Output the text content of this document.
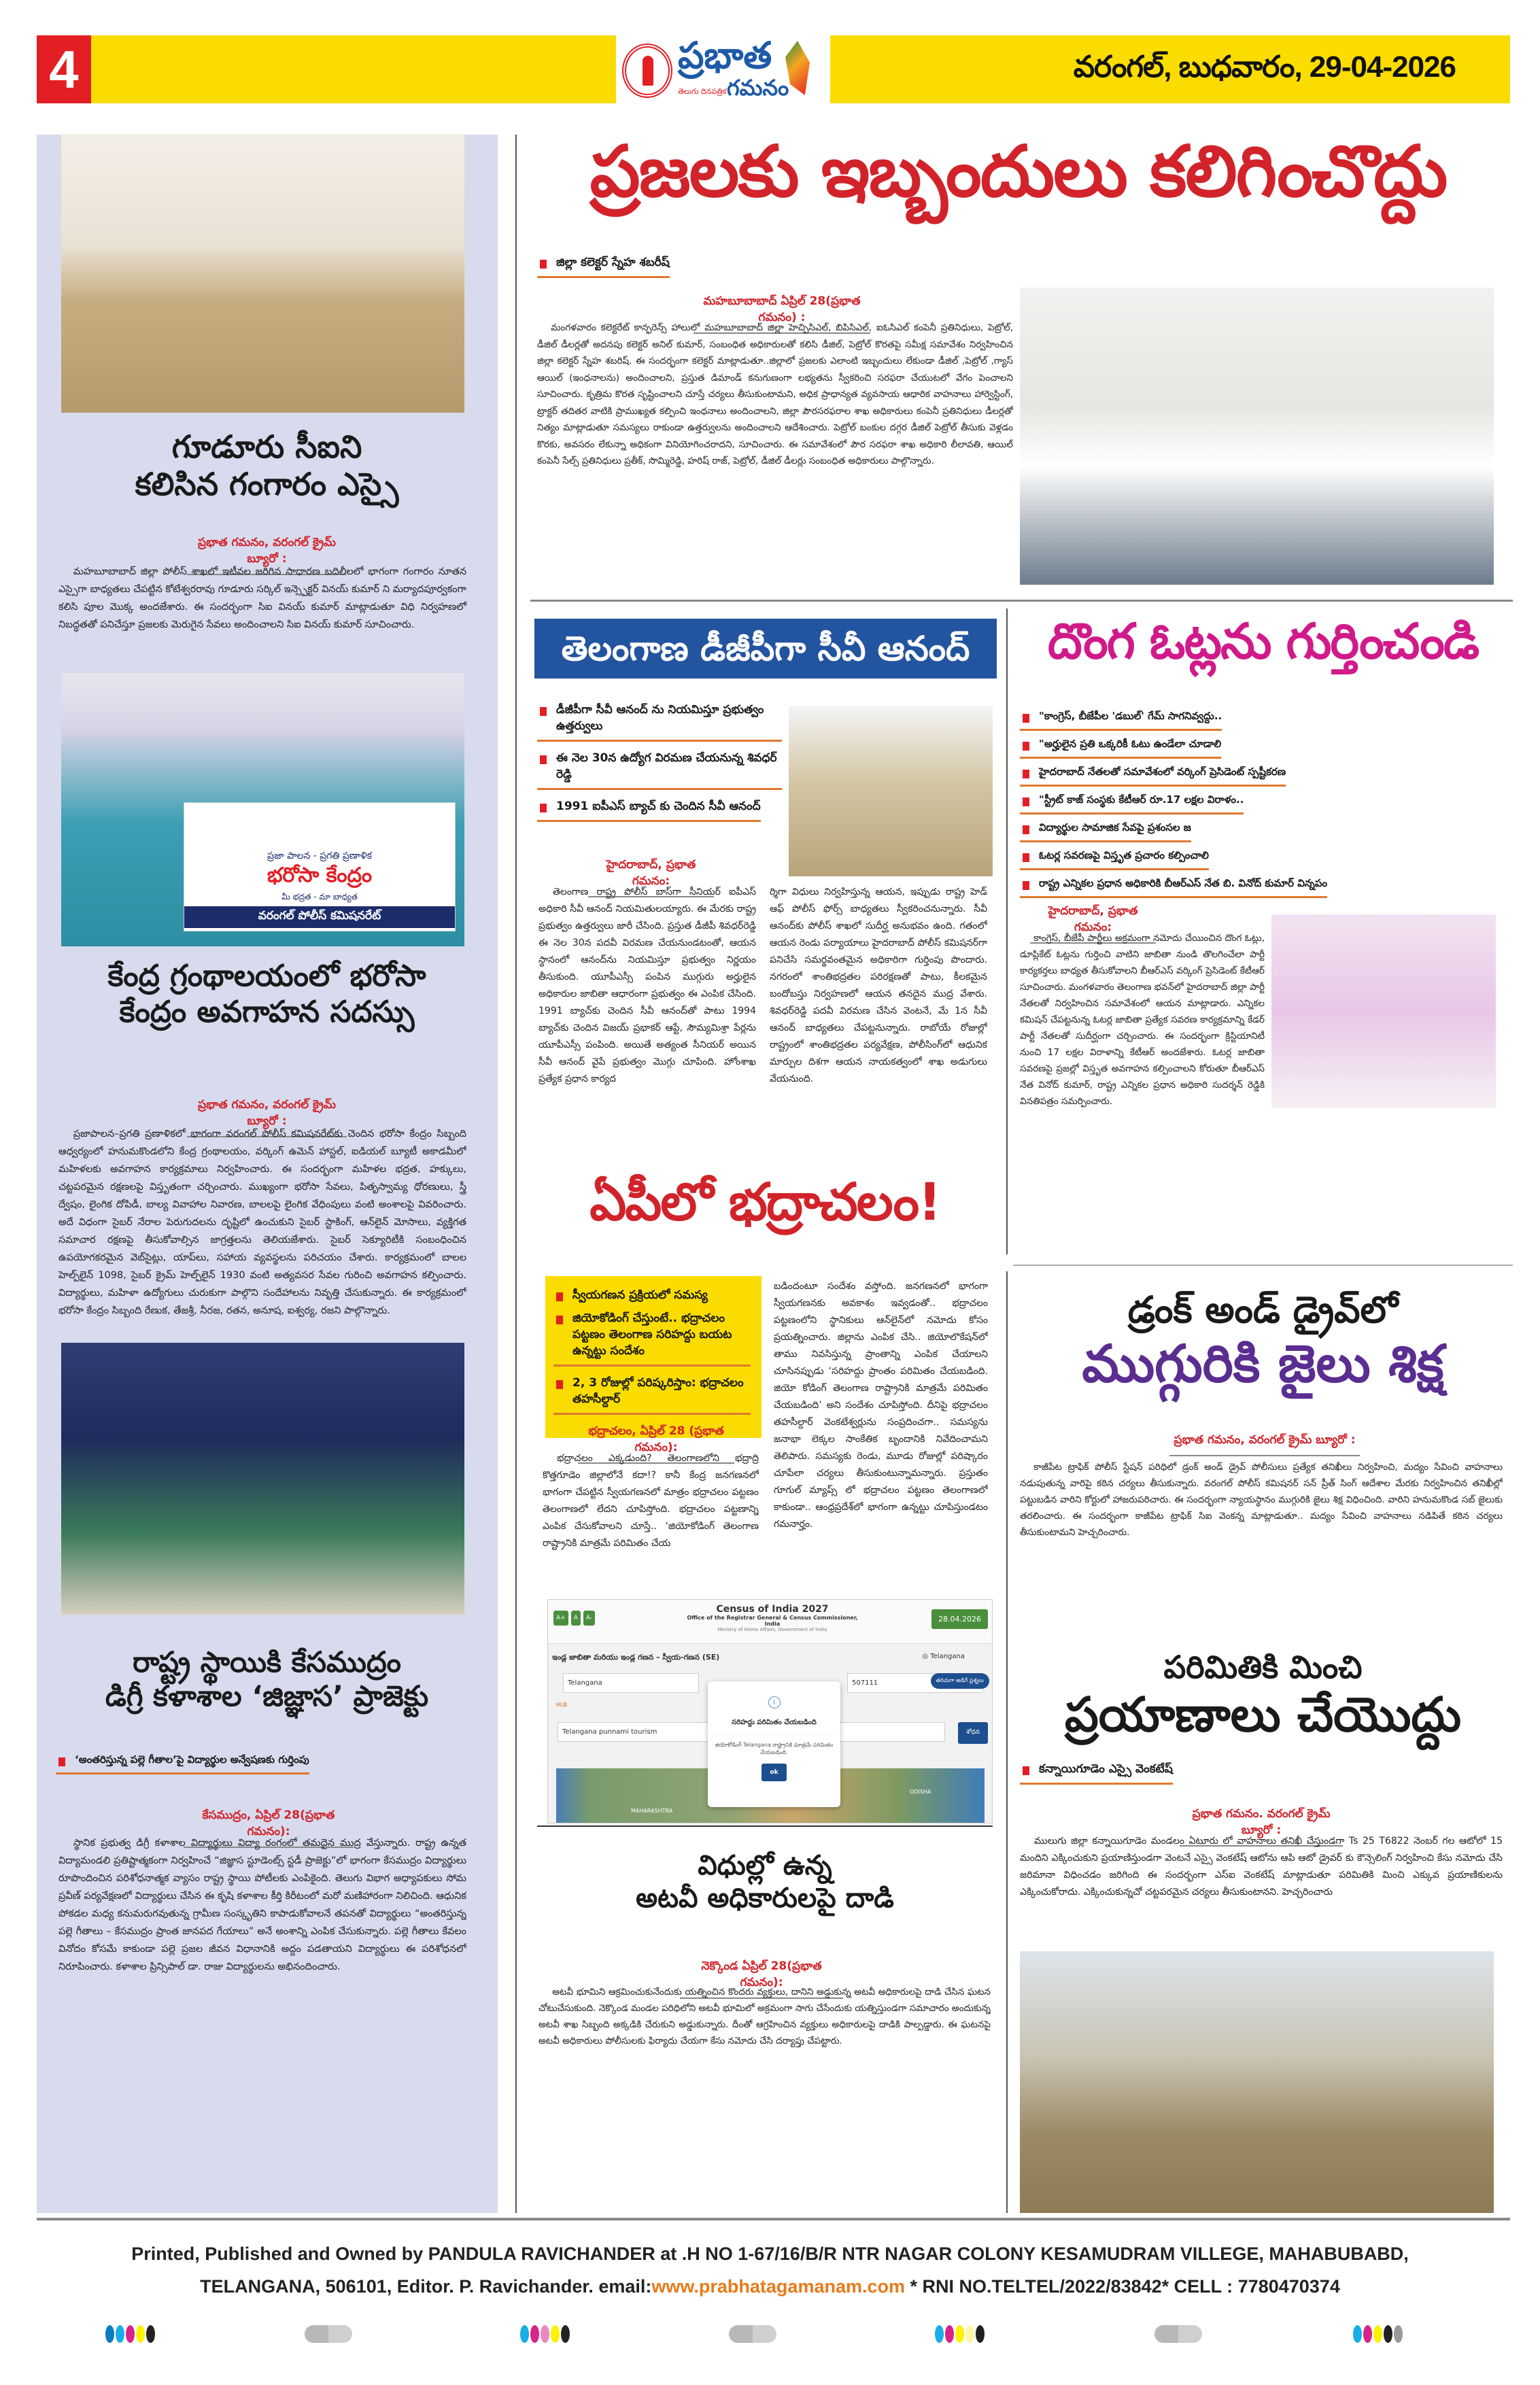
4	ప్రభాత
గమనం
తెలుగు దినపత్రిక
వరంగల్, బుధవారం, 29-04-2026
గూడూరు సీఐని
కలిసిన గంగారం ఎస్సై
ప్రభాత గమనం, వరంగల్ క్రైమ్ బ్యూరో :
మహబూబాబాద్ జిల్లా పోలీస్ శాఖలో ఇటీవల జరిగిన సాధారణ బదిలీలలో భాగంగా గంగారం నూతన ఎస్సైగా బాధ్యతలు చేపట్టిన కోటేశ్వరరావు గూడూరు సర్కిల్ ఇన్స్పెక్టర్ వినయ్ కుమార్ ని మర్యాదపూర్వకంగా కలిసి పూల మొక్క అందజేశారు. ఈ సందర్భంగా సిఐ వినయ్ కుమార్ మాట్లాడుతూ విధి నిర్వహణలో నిబద్ధతతో పనిచేస్తూ ప్రజలకు మెరుగైన సేవలు అందించాలని సిఐ వినయ్ కుమార్ సూచించారు.
ప్రజా పాలన - ప్రగతి ప్రణాళిక
భరోసా కేంద్రం
మీ భద్రత - మా బాధ్యత
వరంగల్ పోలీస్ కమిషనరేట్
కేంద్ర గ్రంథాలయంలో భరోసా
కేంద్రం అవగాహన సదస్సు
ప్రభాత గమనం, వరంగల్ క్రైమ్ బ్యూరో :
ప్రజాపాలన–ప్రగతి ప్రణాళికలో భాగంగా వరంగల్ పోలీస్ కమిషనరేట్‌కు చెందిన భరోసా కేంద్రం సిబ్బంది ఆధ్వర్యంలో హనుమకొండలోని కేంద్ర గ్రంథాలయం, వర్కింగ్ ఉమెన్ హాస్టల్, ఐడియల్ బ్యూటీ అకాడమీలో మహిళలకు అవగాహన కార్యక్రమాలు నిర్వహించారు. ఈ సందర్భంగా మహిళల భద్రత, హక్కులు, చట్టపరమైన రక్షణలపై విస్తృతంగా చర్చించారు. ముఖ్యంగా భరోసా సేవలు, పితృస్వామ్య ధోరణులు, స్త్రీ ద్వేషం, లైంగిక దోపిడీ, బాల్య వివాహాల నివారణ, బాలలపై లైంగిక వేధింపులు వంటి అంశాలపై వివరించారు. అదే విధంగా సైబర్ నేరాల పెరుగుదలను దృష్టిలో ఉంచుకుని సైబర్ స్టాకింగ్, ఆన్‌లైన్ మోసాలు, వ్యక్తిగత సమాచార రక్షణపై తీసుకోవాల్సిన జాగ్రత్తలను తెలియజేశారు. సైబర్ సెక్యూరిటీకి సంబంధించిన ఉపయోగకరమైన వెబ్‌సైట్లు, యాప్‌లు, సహాయ వ్యవస్థలను పరిచయం చేశారు. కార్యక్రమంలో బాలల హెల్ప్‌లైన్ 1098, సైబర్ క్రైమ్ హెల్ప్‌లైన్ 1930 వంటి అత్యవసర సేవల గురించి అవగాహన కల్పించారు. విద్యార్థులు, మహిళా ఉద్యోగులు చురుకుగా పాల్గొని సందేహాలను నివృత్తి చేసుకున్నారు. ఈ కార్యక్రమంలో భరోసా కేంద్రం సిబ్బంది రేణుక, తేజశ్రీ, నీరజ, రతన, అనూష, ఐశ్వర్య, రజని పాల్గొన్నారు.
రాష్ట్ర స్థాయికి కేసముద్రం
డిగ్రీ కళాశాల ‘జిజ్ఞాస’ ప్రాజెక్టు
‘అంతరిస్తున్న పల్లె గీతాల’పై విద్యార్థుల అన్వేషణకు గుర్తింపు
కేసముద్రం, ఏప్రిల్ 28(ప్రభాత గమనం):
స్థానిక ప్రభుత్వ డిగ్రీ కళాశాల విద్యార్థులు విద్యా రంగంలో తమదైన ముద్ర వేస్తున్నారు. రాష్ట్ర ఉన్నత విద్యామండలి ప్రతిష్టాత్మకంగా నిర్వహించే “జిజ్ఞాస స్టూడెంట్స్ స్టడీ ప్రాజెక్టు”లో భాగంగా కేసముద్రం విద్యార్థులు రూపొందించిన పరిశోధనాత్మక వ్యాసం రాష్ట్ర స్థాయి పోటీలకు ఎంపికైంది. తెలుగు విభాగ అధ్యాపకులు సోమ ప్రవీణ్ పర్యవేక్షణలో విద్యార్థులు చేసిన ఈ కృషి కళాశాల కీర్తి కిరీటంలో మరో మణిహారంగా నిలిచింది. ఆధునిక పోకడల మధ్య కనుమరుగవుతున్న గ్రామీణ సంస్కృతిని కాపాడుకోవాలనే తపనతో విద్యార్థులు “అంతరిస్తున్న పల్లె గీతాలు – కేసముద్రం ప్రాంత జానపద గేయాలు” అనే అంశాన్ని ఎంపిక చేసుకున్నారు. పల్లె గీతాలు కేవలం వినోదం కోసమే కాకుండా పల్లె ప్రజల జీవన విధానానికి అద్దం పడతాయని విద్యార్థులు ఈ పరిశోధనలో నిరూపించారు. కళాశాల ప్రిన్సిపాల్ డా. రాజు విద్యార్థులను అభినందించారు.
ప్రజలకు ఇబ్బందులు కలిగించొద్దు
జిల్లా కలెక్టర్ స్నేహ శబరీష్
మహబూబాబాద్ ఏప్రిల్ 28(ప్రభాత గమనం) :
మంగళవారం కలెక్టరేట్ కాన్ఫరెన్స్ హాలులో మహబూబాబాద్ జిల్లా హెచ్పిసిఎల్, బిపిసిఎల్, ఐఓసిఎల్ కంపెనీ ప్రతినిధులు, పెట్రోల్, డీజిల్ డీలర్లతో అదనపు కలెక్టర్ అనిల్ కుమార్, సంబంధిత అధికారులతో కలిసి డీజిల్, పెట్రోల్ కొరతపై సమీక్ష సమావేశం నిర్వహించిన జిల్లా కలెక్టర్ స్నేహ శబరిష్. ఈ సందర్భంగా కలెక్టర్ మాట్లాడుతూ..జిల్లాలో ప్రజలకు ఎలాంటి ఇబ్బందులు లేకుండా డీజిల్ ,పెట్రోల్ ,గ్యాస్ ఆయిల్ (ఇంధనాలను) అందించాలని, ప్రస్తుత డిమాండ్ కనుగుణంగా లభ్యతను స్వీకరించి సరఫరా చేయుటలో వేగం పెంచాలని సూచించారు. కృత్రిమ కొరత సృష్టించాలని చూస్తే చర్యలు తీసుకుంటామని, అధిక ప్రాధాన్యత వ్యవసాయ ఆధారిక వాహనాలు హార్వెస్టింగ్, ట్రాక్టర్ తదితర వాటికి ప్రాముఖ్యత కల్పించి ఇంధనాలు అందించాలని, జిల్లా పౌరసరఫరాల శాఖ అధికారులు కంపెనీ ప్రతినిధులు డీలర్లతో నిత్యం మాట్లాడుతూ సమస్యలు రాకుండా ఉత్తర్వులను అందించాలని ఆదేశించారు. పెట్రోల్ బంకుల దగ్గర డీజిల్ పెట్రోల్ తీసుకు వెళ్లడం కొరకు, అవసరం లేకున్నా అధికంగా వినియోగించరాదని, సూచించారు. ఈ సమావేశంలో పౌర సరఫరా శాఖ అధికారి లీలావతి, ఆయిల్ కంపెనీ సేల్స్ ప్రతినిధులు ప్రతీక్, సొమ్మిరెడ్డి, హరిష్ రాజ్, పెట్రోల్, డీజిల్ డీలర్లు సంబంధిత అధికారులు పాల్గొన్నారు.
తెలంగాణ డీజీపీగా సీవీ ఆనంద్
డీజీపీగా సీవీ ఆనంద్ ను నియమిస్తూ ప్రభుత్వం ఉత్తర్వులు
ఈ నెల 30న ఉద్యోగ విరమణ చేయనున్న శివధర్ రెడ్డి
1991 ఐపీఎస్ బ్యాచ్ కు చెందిన సీవీ ఆనంద్
హైదరాబాద్, ప్రభాత గమనం:
తెలంగాణ రాష్ట్ర పోలీస్ బాస్‌గా సీనియర్ ఐపీఎస్ అధికారి సీవీ ఆనంద్ నియమితులయ్యారు. ఈ మేరకు రాష్ట్ర ప్రభుత్వం ఉత్తర్వులు జారీ చేసింది. ప్రస్తుత డీజీపీ శివధర్‌రెడ్డి ఈ నెల 30న పదవీ విరమణ చేయనుండటంతో, ఆయన స్థానంలో ఆనంద్‌ను నియమిస్తూ ప్రభుత్వం నిర్ణయం తీసుకుంది. యూపీఎస్సీ పంపిన ముగ్గురు అర్హులైన అధికారుల జాబితా ఆధారంగా ప్రభుత్వం ఈ ఎంపిక చేసింది. 1991 బ్యాచ్‌కు చెందిన సీవీ ఆనంద్‌తో పాటు 1994 బ్యాచ్‌కు చెందిన విజయ్ ప్రభాకర్ ఆప్టే, సౌమ్యమిశ్రా పేర్లను యూపీఎస్సీ పంపింది. అయితే అత్యంత సీనియర్ అయిన సీవీ ఆనంద్ వైపే ప్రభుత్వం మొగ్గు చూపింది. హోంశాఖ ప్రత్యేక ప్రధాన కార్యద
ర్శిగా విధులు నిర్వహిస్తున్న ఆయన, ఇప్పుడు రాష్ట్ర హెడ్ ఆఫ్ పోలీస్ ఫోర్స్ బాధ్యతలు స్వీకరించనున్నారు. సీవీ ఆనంద్‌కు పోలీస్ శాఖలో సుదీర్ఘ అనుభవం ఉంది. గతంలో ఆయన రెండు పర్యాయాలు హైదరాబాద్ పోలీస్ కమిషనర్‌గా పనిచేసి సమర్థవంతమైన అధికారిగా గుర్తింపు పొందారు. నగరంలో శాంతిభద్రతల పరిరక్షణతో పాటు, కీలకమైన బందోబస్తు నిర్వహణలో ఆయన తనదైన ముద్ర వేశారు. శివధర్‌రెడ్డి పదవీ విరమణ చేసిన వెంటనే, మే 1న సీవీ ఆనంద్ బాధ్యతలు చేపట్టనున్నారు. రాబోయే రోజుల్లో రాష్ట్రంలో శాంతిభద్రతల పర్యవేక్షణ, పోలీసింగ్‌లో ఆధునిక మార్పుల దిశగా ఆయన నాయకత్వంలో శాఖ అడుగులు వేయనుంది.
దొంగ ఓట్లను గుర్తించండి
"కాంగ్రెస్, బీజేపీల 'డబుల్' గేమ్ సాగనివ్వద్దు..
"అర్హులైన ప్రతి ఒక్కరికీ ఓటు ఉండేలా చూడాలి
హైదరాబాద్ నేతలతో సమావేశంలో వర్కింగ్ ప్రెసిడెంట్ స్పష్టీకరణ
"స్ట్రీట్ కాజ్ సంస్థకు కేటీఆర్ రూ.17 లక్షల విరాళం..
విద్యార్థుల సామాజిక సేవపై ప్రశంసల జ
ఓటర్ల సవరణపై విస్తృత ప్రచారం కల్పించాలి
రాష్ట్ర ఎన్నికల ప్రధాన అధికారికి బీఆర్ఎస్ నేత బి. వినోద్ కుమార్ విన్నపం
హైదరాబాద్, ప్రభాత గమనం:
కాంగ్రెస్, బీజేపీ పార్టీలు అక్రమంగా నమోదు చేయించిన దొంగ ఓట్లు, డూప్లికేట్ ఓట్లను గుర్తించి వాటిని జాబితా నుండి తొలగించేలా పార్టీ కార్యకర్తలు బాధ్యత తీసుకోవాలని బీఆర్‌ఎస్ వర్కింగ్ ప్రెసిడెంట్ కేటీఆర్ సూచించారు. మంగళవారం తెలంగాణ భవన్‌లో హైదరాబాద్ జిల్లా పార్టీ నేతలతో నిర్వహించిన సమావేశంలో ఆయన మాట్లాడారు. ఎన్నికల కమిషన్ చేపట్టనున్న ఓటర్ల జాబితా ప్రత్యేక సవరణ కార్యక్రమాన్ని కేడర్ పార్టీ నేతలతో సుదీర్ఘంగా చర్చించారు. ఈ సందర్భంగా క్రిస్టియానిటీ నుంచి 17 లక్షల విరాళాన్ని కేటీఆర్ అందజేశారు. ఓటర్ల జాబితా సవరణపై ప్రజల్లో విస్తృత అవగాహన కల్పించాలని కోరుతూ బీఆర్‌ఎస్ నేత వినోద్ కుమార్, రాష్ట్ర ఎన్నికల ప్రధాన అధికారి సుదర్శన్ రెడ్డికి వినతిపత్రం సమర్పించారు.
ఏపీలో భద్రాచలం!
స్వీయగణన ప్రక్రియలో సమస్య
జియోకోడింగ్ చేస్తుంటే.. భద్రాచలం పట్టణం తెలంగాణ సరిహద్దు బయట ఉన్నట్టు సందేశం
2, 3 రోజుల్లో పరిష్కరిస్తాం: భద్రాచలం తహసీల్దార్
భద్రాచలం, ఏప్రిల్ 28 (ప్రభాత గమనం):
భద్రాచలం ఎక్కడుంది? తెలంగాణలోని భద్రాద్రి కొత్తగూడెం జిల్లాలోనే కదా!? కానీ కేంద్ర జనగణనలో భాగంగా చేపట్టిన స్వీయగణనలో మాత్రం భద్రాచలం పట్టణం తెలంగాణలో లేదని చూపిస్తోంది. భద్రాచలం పట్టణాన్ని ఎంపిక చేసుకోవాలని చూస్తే.. ‘జియోకోడింగ్ తెలంగాణ రాష్ట్రానికి మాత్రమే పరిమితం చేయ
బడిందంటూ సందేశం వస్తోంది. జనగణనలో భాగంగా స్వీయగణనకు అవకాశం ఇవ్వడంతో.. భద్రాచలం పట్టణంలోని స్థానికులు ఆన్‌లైన్‌లో నమోదు కోసం ప్రయత్నించారు. జిల్లాను ఎంపిక చేసి.. జియోలొకేషన్‌లో తాము నివసిస్తున్న ప్రాంతాన్ని ఎంపిక చేయాలని చూసినప్పుడు ‘సరిహద్దు ప్రాంతం పరిమితం చేయబడింది. జియో కోడింగ్ తెలంగాణ రాష్ట్రానికి మాత్రమే పరిమితం చేయబడింది’ అని సందేశం చూపిస్తోంది. దీనిపై భద్రాచలం తహసీల్దార్ వెంకటేశ్వర్లును సంప్రదించగా.. సమస్యను జనాభా లెక్కల సాంకేతిక బృందానికి నివేదించామని తెలిపారు. సమస్యకు రెండు, మూడు రోజుల్లో పరిష్కారం చూపేలా చర్యలు తీసుకుంటున్నామన్నారు. ప్రస్తుతం గూగుల్ మ్యాప్స్ లో భద్రాచలం పట్టణం తెలంగాణలో కాకుండా.. ఆంధ్రప్రదేశ్‌లో భాగంగా ఉన్నట్టు చూపిస్తుండటం గమనార్హం.
A+	A	A-
Census of India 2027
Office of the Registrar General & Census Commissioner, India
Ministry of Home Affairs, Government of India
28.04.2026
ఇండ్ల జాబితా మరియు ఇండ్ల గణన – స్వీయ-గణన (SE)	◎ Telangana
Telangana	507111	తరచుగా అడిగే ప్రశ్నలు
HLB
Telangana punnami tourism	శోధన
MAHARASHTRA
ODISHA
i
సరిహద్దు పరిమితం చేయబడింది
జియోకోడింగ్ Telangana రాష్ట్రానికి మాత్రమే పరిమితం చేయబడింది.
ok
విధుల్లో ఉన్న
అటవీ అధికారులపై దాడి
నెక్కొండ ఏప్రిల్ 28(ప్రభాత గమనం):
అటవీ భూమిని ఆక్రమించుకునేందుకు యత్నించిన కొందరు వ్యక్తులు, దానిని అడ్డుకున్న అటవీ అధికారులపై దాడి చేసిన ఘటన చోటుచేసుకుంది. నెక్కొండ మండల పరిధిలోని అటవీ భూమిలో అక్రమంగా సాగు చేసేందుకు యత్నిస్తుండగా సమాచారం అందుకున్న అటవీ శాఖ సిబ్బంది అక్కడికి చేరుకుని అడ్డుకున్నారు. దీంతో ఆగ్రహించిన వ్యక్తులు అధికారులపై దాడికి పాల్పడ్డారు. ఈ ఘటనపై అటవీ అధికారులు పోలీసులకు ఫిర్యాదు చేయగా కేసు నమోదు చేసి దర్యాప్తు చేపట్టారు.
డ్రంక్ అండ్ డ్రైవ్‌లో
ముగ్గురికి జైలు శిక్ష
ప్రభాత గమనం, వరంగల్ క్రైమ్ బ్యూరో :
కాజీపేట ట్రాఫిక్ పోలీస్ స్టేషన్ పరిధిలో డ్రంక్ అండ్ డ్రైవ్ పోలీసులు ప్రత్యేక తనిఖీలు నిర్వహించి, మద్యం సేవించి వాహనాలు నడుపుతున్న వారిపై కఠిన చర్యలు తీసుకున్నారు. వరంగల్ పోలీస్ కమిషనర్ సన్ ప్రీత్ సింగ్ ఆదేశాల మేరకు నిర్వహించిన తనిఖీల్లో పట్టుబడిన వారిని కోర్టులో హాజరుపరిచారు. ఈ సందర్భంగా న్యాయస్థానం ముగ్గురికి జైలు శిక్ష విధించింది. వారిని హనుమకొండ సబ్ జైలుకు తరలించారు. ఈ సందర్భంగా కాజీపేట ట్రాఫిక్ సిఐ వెంకన్న మాట్లాడుతూ.. మద్యం సేవించి వాహనాలు నడిపితే కఠిన చర్యలు తీసుకుంటామని హెచ్చరించారు.
పరిమితికి మించి
ప్రయాణాలు చేయొద్దు
కన్నాయిగూడెం ఎస్సై వెంకటేష్
ప్రభాత గమనం. వరంగల్ క్రైమ్ బ్యూరో :
ములుగు జిల్లా కన్నాయిగూడెం మండలం ఏటూరు లో వాహనాలు తనిఖీ చేస్తుండగా Ts 25 T6822 నెంబర్ గల ఆటోలో 15 మందిని ఎక్కించుకుని ప్రయాణిస్తుండగా వెంటనే ఎస్సై వెంకటేష్ ఆటోను ఆపి ఆటో డ్రైవర్ కు కౌన్సెలింగ్ నిర్వహించి కేసు నమోదు చేసి జరిమానా విధించడం జరిగింది ఈ సందర్భంగా ఎస్ఐ వెంకటేష్ మాట్లాడుతూ పరిమితికి మించి ఎక్కువ ప్రయాణికులను ఎక్కించుకోరాదు. ఎక్కించుకున్నచో చట్టపరమైన చర్యలు తీసుకుంటానని. హెచ్చరించారు
Printed, Published and Owned by PANDULA RAVICHANDER at .H NO 1-67/16/B/R NTR NAGAR COLONY KESAMUDRAM VILLEGE, MAHABUBABD,
TELANGANA, 506101, Editor. P. Ravichander. email:www.prabhatagamanam.com * RNI NO.TELTEL/2022/83842* CELL : 7780470374
